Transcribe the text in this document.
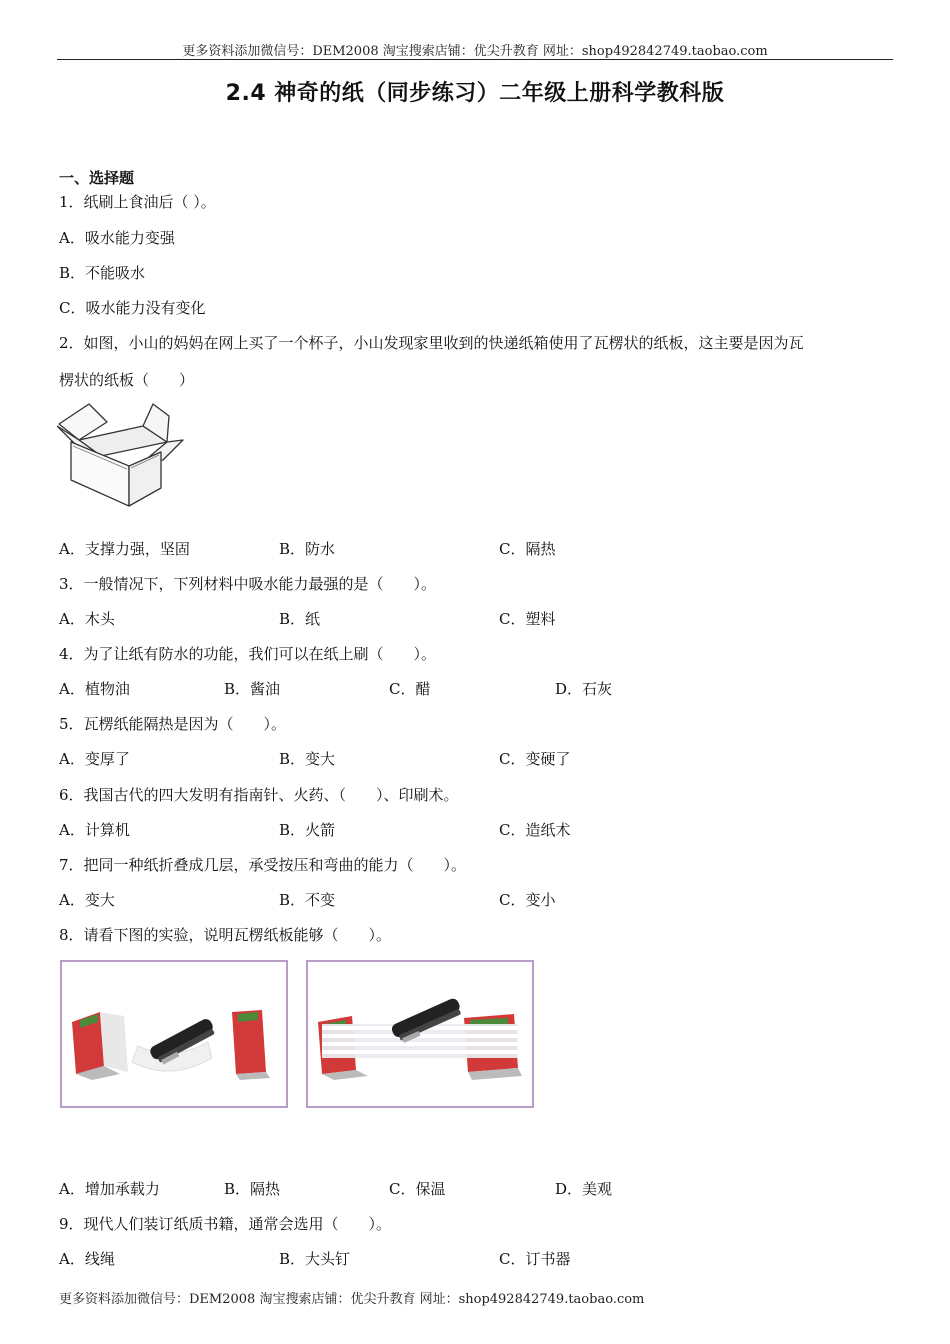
更多资料添加微信号：DEM2008 淘宝搜索店铺：优尖升教育 网址：shop492842749.taobao.com
2.4 神奇的纸（同步练习）二年级上册科学教科版
一、选择题
1．纸刷上食油后（ ）。
A．吸水能力变强
B．不能吸水
C．吸水能力没有变化
2．如图，小山的妈妈在网上买了一个杯子，小山发现家里收到的快递纸箱使用了瓦楞状的纸板，这主要是因为瓦
楞状的纸板（　　）
A．支撑力强，坚固	B．防水	C．隔热
3．一般情况下，下列材料中吸水能力最强的是（　　）。
A．木头	B．纸	C．塑料
4．为了让纸有防水的功能，我们可以在纸上刷（　　）。
A．植物油	B．酱油	C．醋	D．石灰
5．瓦楞纸能隔热是因为（　　）。
A．变厚了	B．变大	C．变硬了
6．我国古代的四大发明有指南针、火药、（　　）、印刷术。
A．计算机	B．火箭	C．造纸术
7．把同一种纸折叠成几层，承受按压和弯曲的能力（　　）。
A．变大	B．不变	C．变小
8．请看下图的实验，说明瓦楞纸板能够（　　）。
A．增加承载力	B．隔热	C．保温	D．美观
9．现代人们装订纸质书籍，通常会选用（　　）。
A．线绳	B．大头钉	C．订书器
更多资料添加微信号：DEM2008 淘宝搜索店铺：优尖升教育 网址：shop492842749.taobao.com
